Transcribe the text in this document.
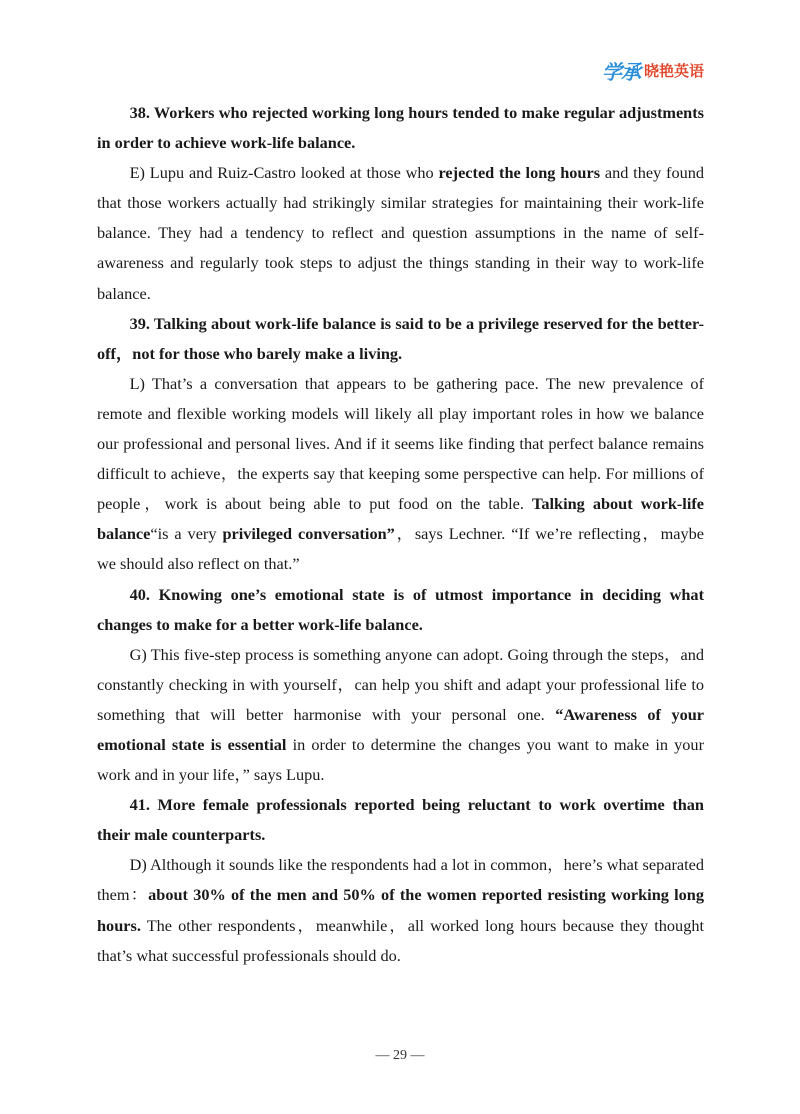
学承 晓艳英语

38. Workers who rejected working long hours tended to make regular adjustments in order to achieve work-life balance.

E) Lupu and Ruiz-Castro looked at those who rejected the long hours and they found that those workers actually had strikingly similar strategies for maintaining their work-life balance. They had a tendency to reflect and question assumptions in the name of self-awareness and regularly took steps to adjust the things standing in their way to work-life balance.

39. Talking about work-life balance is said to be a privilege reserved for the better-off，not for those who barely make a living.

L) That’s a conversation that appears to be gathering pace. The new prevalence of remote and flexible working models will likely all play important roles in how we balance our professional and personal lives. And if it seems like finding that perfect balance remains difficult to achieve，the experts say that keeping some perspective can help. For millions of people，work is about being able to put food on the table. Talking about work-life balance“is a very privileged conversation”，says Lechner. “If we’re reflecting，maybe we should also reflect on that.”

40. Knowing one’s emotional state is of utmost importance in deciding what changes to make for a better work-life balance.

G) This five-step process is something anyone can adopt. Going through the steps，and constantly checking in with yourself，can help you shift and adapt your professional life to something that will better harmonise with your personal one. “Awareness of your emotional state is essential in order to determine the changes you want to make in your work and in your life，” says Lupu.

41. More female professionals reported being reluctant to work overtime than their male counterparts.

D) Although it sounds like the respondents had a lot in common，here’s what separated them：about 30% of the men and 50% of the women reported resisting working long hours. The other respondents，meanwhile，all worked long hours because they thought that’s what successful professionals should do.

— 29 —
